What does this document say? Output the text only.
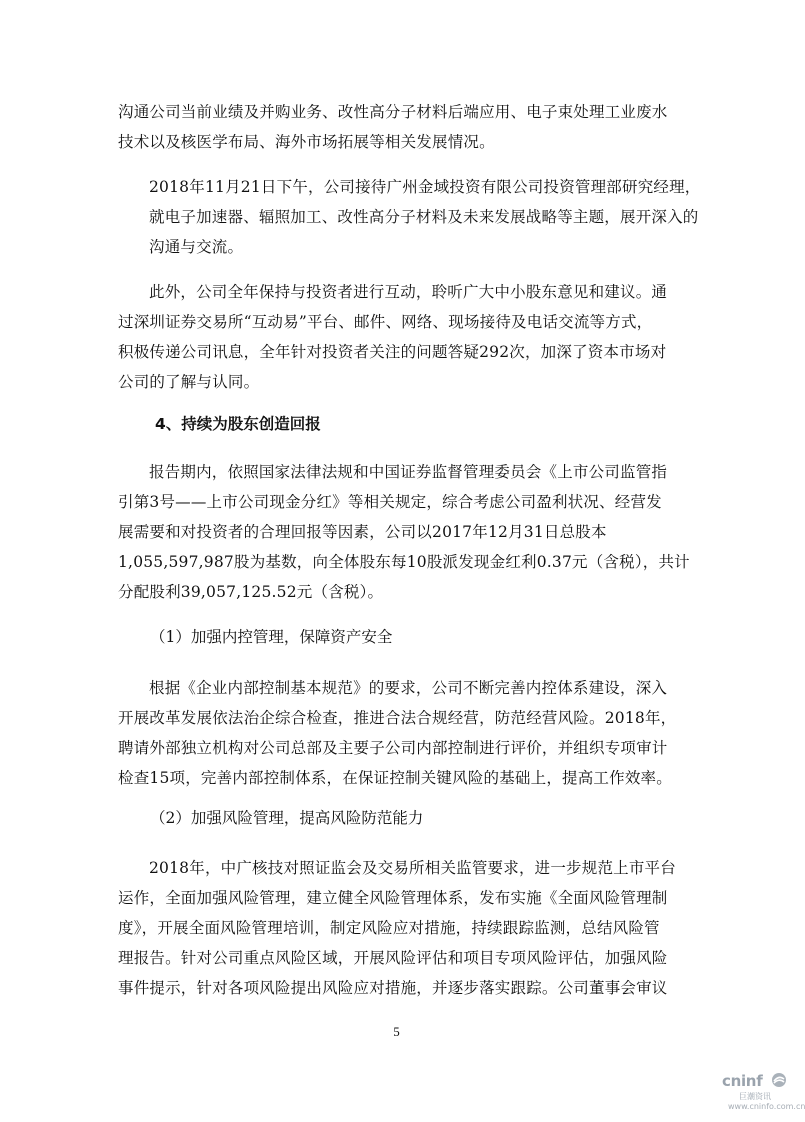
沟通公司当前业绩及并购业务、改性高分子材料后端应用、电子束处理工业废水
技术以及核医学布局、海外市场拓展等相关发展情况。
2018年11月21日下午，公司接待广州金域投资有限公司投资管理部研究经理，
就电子加速器、辐照加工、改性高分子材料及未来发展战略等主题，展开深入的
沟通与交流。
此外，公司全年保持与投资者进行互动，聆听广大中小股东意见和建议。通
过深圳证券交易所“互动易”平台、邮件、网络、现场接待及电话交流等方式，
积极传递公司讯息，全年针对投资者关注的问题答疑292次，加深了资本市场对
公司的了解与认同。
4、持续为股东创造回报
报告期内，依照国家法律法规和中国证券监督管理委员会《上市公司监管指
引第3号——上市公司现金分红》等相关规定，综合考虑公司盈利状况、经营发
展需要和对投资者的合理回报等因素，公司以2017年12月31日总股本
1,055,597,987股为基数，向全体股东每10股派发现金红利0.37元（含税），共计
分配股利39,057,125.52元（含税）。

（1）加强内控管理，保障资产安全

根据《企业内部控制基本规范》的要求，公司不断完善内控体系建设，深入
开展改革发展依法治企综合检查，推进合法合规经营，防范经营风险。2018年，
聘请外部独立机构对公司总部及主要子公司内部控制进行评价，并组织专项审计
检查15项，完善内部控制体系，在保证控制关键风险的基础上，提高工作效率。

（2）加强风险管理，提高风险防范能力

2018年，中广核技对照证监会及交易所相关监管要求，进一步规范上市平台
运作，全面加强风险管理，建立健全风险管理体系，发布实施《全面风险管理制
度》，开展全面风险管理培训，制定风险应对措施，持续跟踪监测，总结风险管
理报告。针对公司重点风险区域，开展风险评估和项目专项风险评估，加强风险
事件提示，针对各项风险提出风险应对措施，并逐步落实跟踪。公司董事会审议
5
cninf
巨潮资讯
www.cninfo.com.cn
